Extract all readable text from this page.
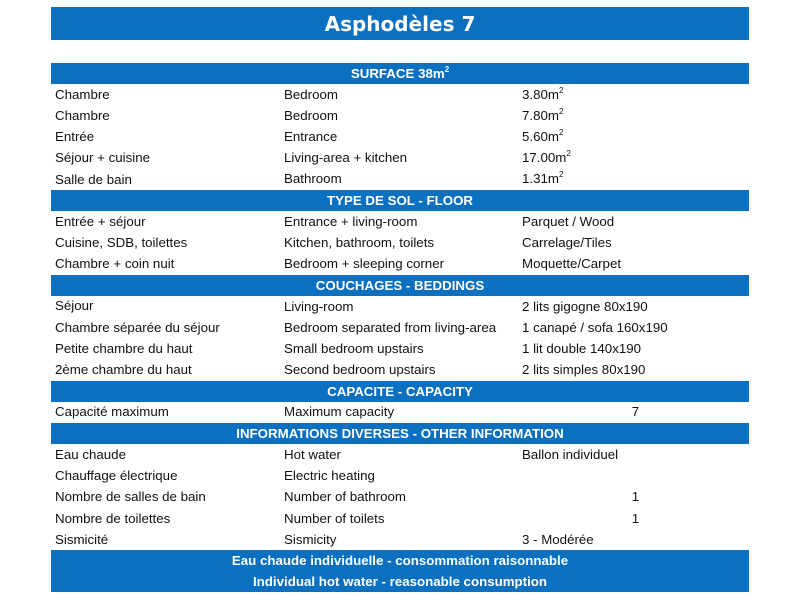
Asphodèles 7
SURFACE $38m^2$
Chambre	Bedroom	$3.80m^2$
Chambre	Bedroom	$7.80m^2$
Entrée	Entrance	$5.60m^2$
Séjour + cuisine	Living-area + kitchen	$17.00m^2$
Salle de bain	Bathroom	$1.31m^2$
TYPE DE SOL - FLOOR		
Entrée + séjour	Entrance + living-room	Parquet / Wood
Cuisine, SDB, toilettes	Kitchen, bathroom, toilets	Carrelage/Tiles
Chambre + coin nuit	Bedroom + sleeping corner	Moquette/Carpet
COUCHAGES - BEDDINGS		
Séjour	Living-room	2 lits gigogne 80x190
Chambre séparée du séjour	Bedroom separated from living-area	1 canapé / sofa 160x190
Petite chambre du haut	Small bedroom upstairs	1 lit double 140x190
2ème chambre du haut	Second bedroom upstairs	2 lits simples 80x190
CAPACITE - CAPACITY		
Capacité maximum	Maximum capacity	7
INFORMATIONS DIVERSES - OTHER INFORMATION		
Eau chaude	Hot water	Ballon individuel
Chauffage électrique	Electric heating	
Nombre de salles de bain	Number of bathroom	1
Nombre de toilettes	Number of toilets	1
Sismicité	Sismicity	3 - Modérée
Eau chaude individuelle - consommation raisonnable		
Individual hot water - reasonable consumption		
